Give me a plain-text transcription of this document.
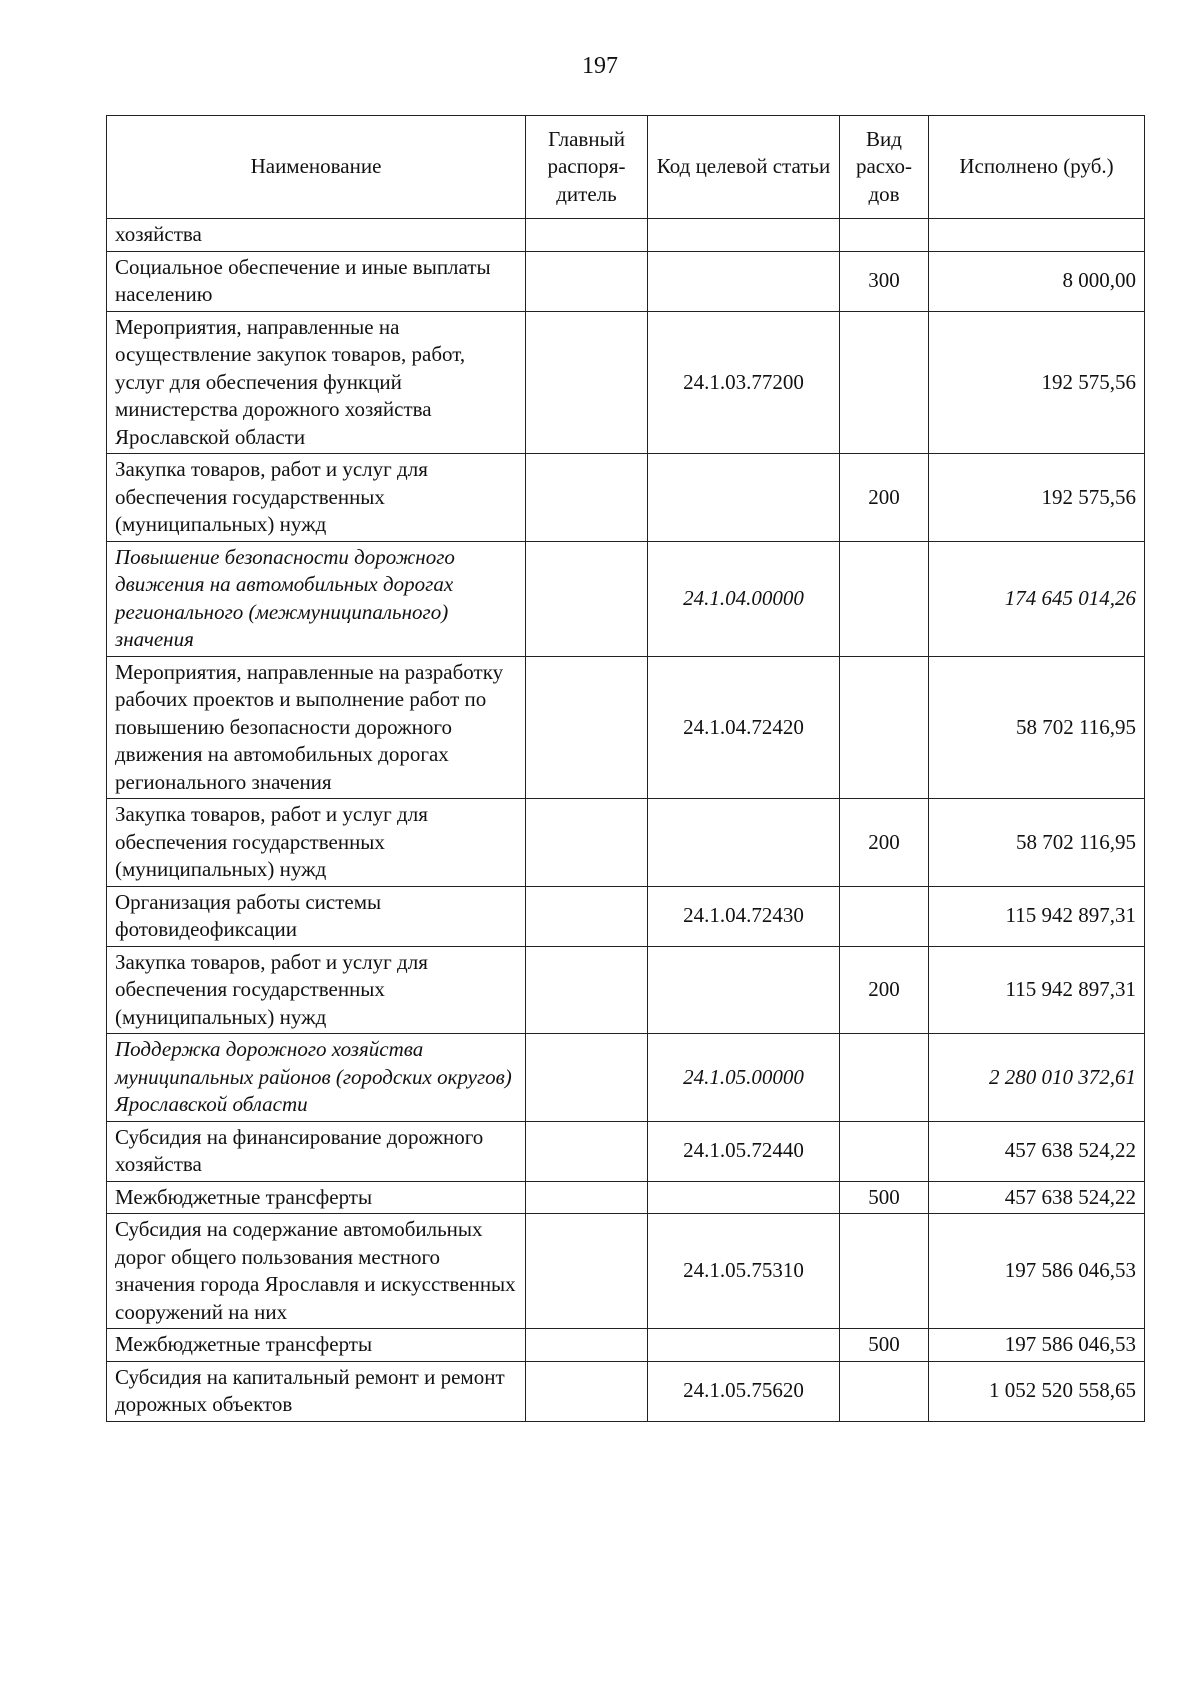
197
Наименование	Главный распоря-дитель	Код целевой статьи	Вид расхо-дов	Исполнено (руб.)
хозяйства				
Социальное обеспечение и иные выплаты населению			300	8 000,00
Мероприятия, направленные на осуществление закупок товаров, работ, услуг для обеспечения функций министерства дорожного хозяйства Ярославской области		24.1.03.77200		192 575,56
Закупка товаров, работ и услуг для обеспечения государственных (муниципальных) нужд			200	192 575,56
Повышение безопасности дорожного движения на автомобильных дорогах регионального (межмуниципального) значения		24.1.04.00000		174 645 014,26
Мероприятия, направленные на разработку рабочих проектов и выполнение работ по повышению безопасности дорожного движения на автомобильных дорогах регионального значения		24.1.04.72420		58 702 116,95
Закупка товаров, работ и услуг для обеспечения государственных (муниципальных) нужд			200	58 702 116,95
Организация работы системы фотовидеофиксации		24.1.04.72430		115 942 897,31
Закупка товаров, работ и услуг для обеспечения государственных (муниципальных) нужд			200	115 942 897,31
Поддержка дорожного хозяйства муниципальных районов (городских округов) Ярославской области		24.1.05.00000		2 280 010 372,61
Субсидия на финансирование дорожного хозяйства		24.1.05.72440		457 638 524,22
Межбюджетные трансферты			500	457 638 524,22
Субсидия на содержание автомобильных дорог общего пользования местного значения города Ярославля и искусственных сооружений на них		24.1.05.75310		197 586 046,53
Межбюджетные трансферты			500	197 586 046,53
Субсидия на капитальный ремонт и ремонт дорожных объектов		24.1.05.75620		1 052 520 558,65
